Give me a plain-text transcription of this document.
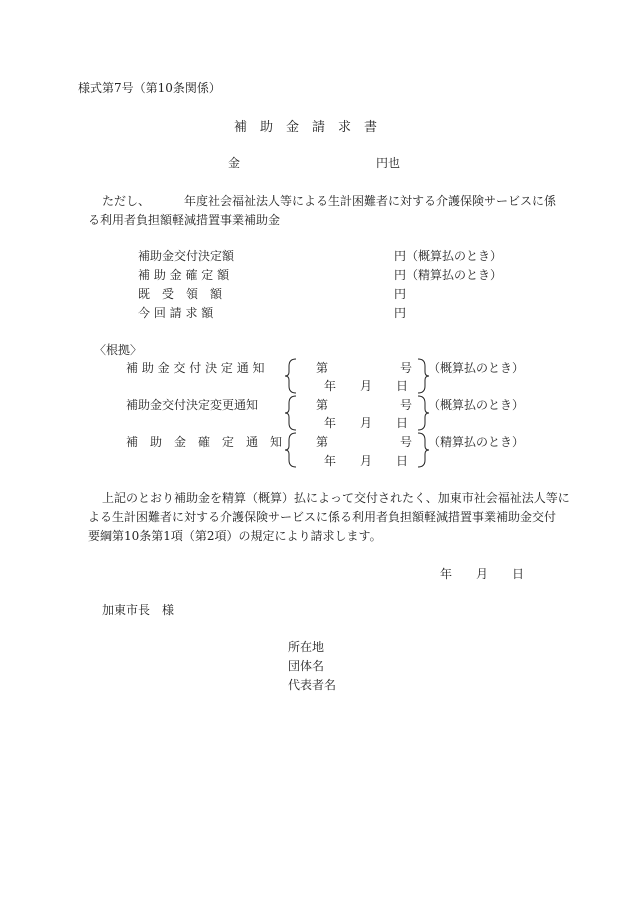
様式第7号（第10条関係）
補　助　金　請　求　書
金	円也
ただし、	年度社会福祉法人等による生計困難者に対する介護保険サービスに係
る利用者負担額軽減措置事業補助金
補助金交付決定額	円（概算払のとき）
補 助 金 確 定 額	円（精算払のとき）
既　受　領　額	円
今 回 請 求 額	円
〈根拠〉
補 助 金 交 付 決 定 通 知	第	号 （概算払のとき）
年 月 日
補助金交付決定変更通知	第	号 （概算払のとき）
年 月 日
補　助　金　確　定　通　知	第	号 （精算払のとき）
年 月 日
上記のとおり補助金を精算（概算）払によって交付されたく、加東市社会福祉法人等に
よる生計困難者に対する介護保険サービスに係る利用者負担額軽減措置事業補助金交付
要綱第10条第1項（第2項）の規定により請求します。
年 月 日
加東市長　様
所在地
団体名
代表者名
